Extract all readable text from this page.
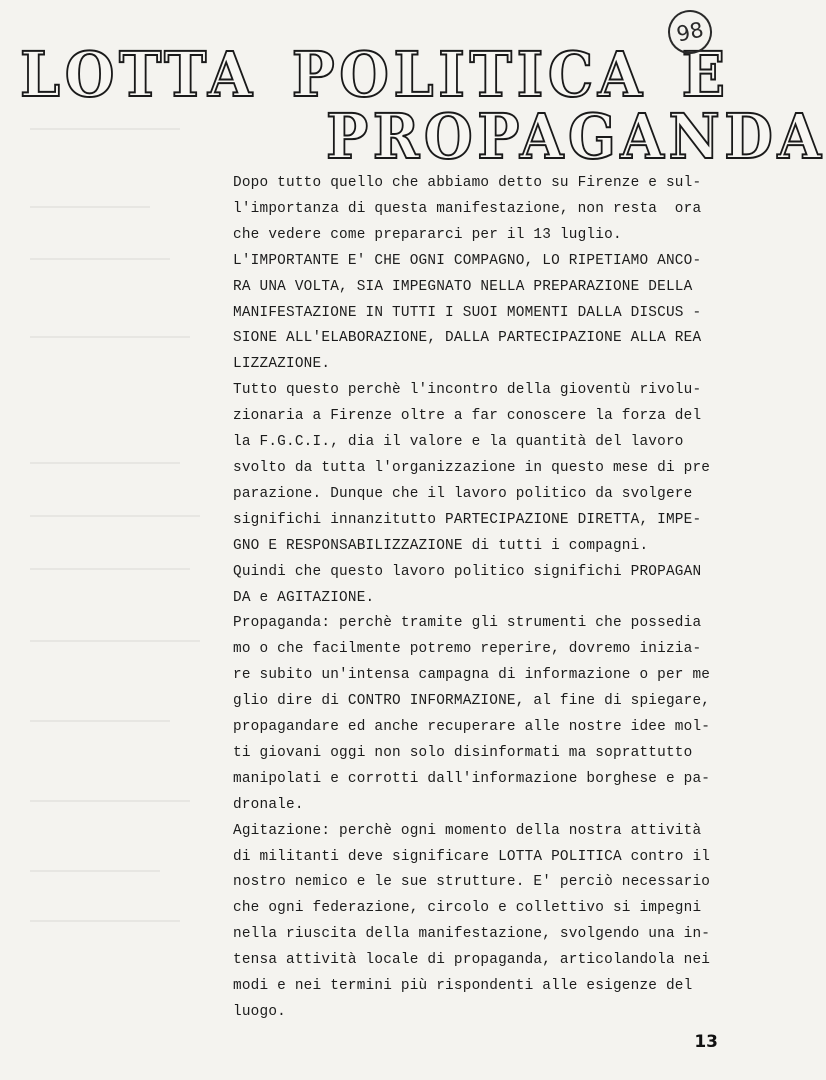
LOTTA POLITICA E
PROPAGANDA
98

Dopo tutto quello che abbiamo detto su Firenze e sul-
l'importanza di questa manifestazione, non resta  ora
che vedere come prepararci per il 13 luglio.

L'IMPORTANTE E' CHE OGNI COMPAGNO, LO RIPETIAMO ANCO-
RA UNA VOLTA, SIA IMPEGNATO NELLA PREPARAZIONE DELLA
MANIFESTAZIONE IN TUTTI I SUOI MOMENTI DALLA DISCUS -
SIONE ALL'ELABORAZIONE, DALLA PARTECIPAZIONE ALLA REA
LIZZAZIONE.

Tutto questo perchè l'incontro della gioventù rivolu-
zionaria a Firenze oltre a far conoscere la forza del
la F.G.C.I., dia il valore e la quantità del lavoro
svolto da tutta l'organizzazione in questo mese di pre
parazione. Dunque che il lavoro politico da svolgere
significhi innanzitutto PARTECIPAZIONE DIRETTA, IMPE-
GNO E RESPONSABILIZZAZIONE di tutti i compagni.

Quindi che questo lavoro politico significhi PROPAGAN
DA e AGITAZIONE.

Propaganda: perchè tramite gli strumenti che possedia
mo o che facilmente potremo reperire, dovremo inizia-
re subito un'intensa campagna di informazione o per me
glio dire di CONTRO INFORMAZIONE, al fine di spiegare,
propagandare ed anche recuperare alle nostre idee mol-
ti giovani oggi non solo disinformati ma soprattutto
manipolati e corrotti dall'informazione borghese e pa-
dronale.

Agitazione: perchè ogni momento della nostra attività
di militanti deve significare LOTTA POLITICA contro il
nostro nemico e le sue strutture. E' perciò necessario
che ogni federazione, circolo e collettivo si impegni
nella riuscita della manifestazione, svolgendo una in-
tensa attività locale di propaganda, articolandola nei
modi e nei termini più rispondenti alle esigenze del
luogo.

13
